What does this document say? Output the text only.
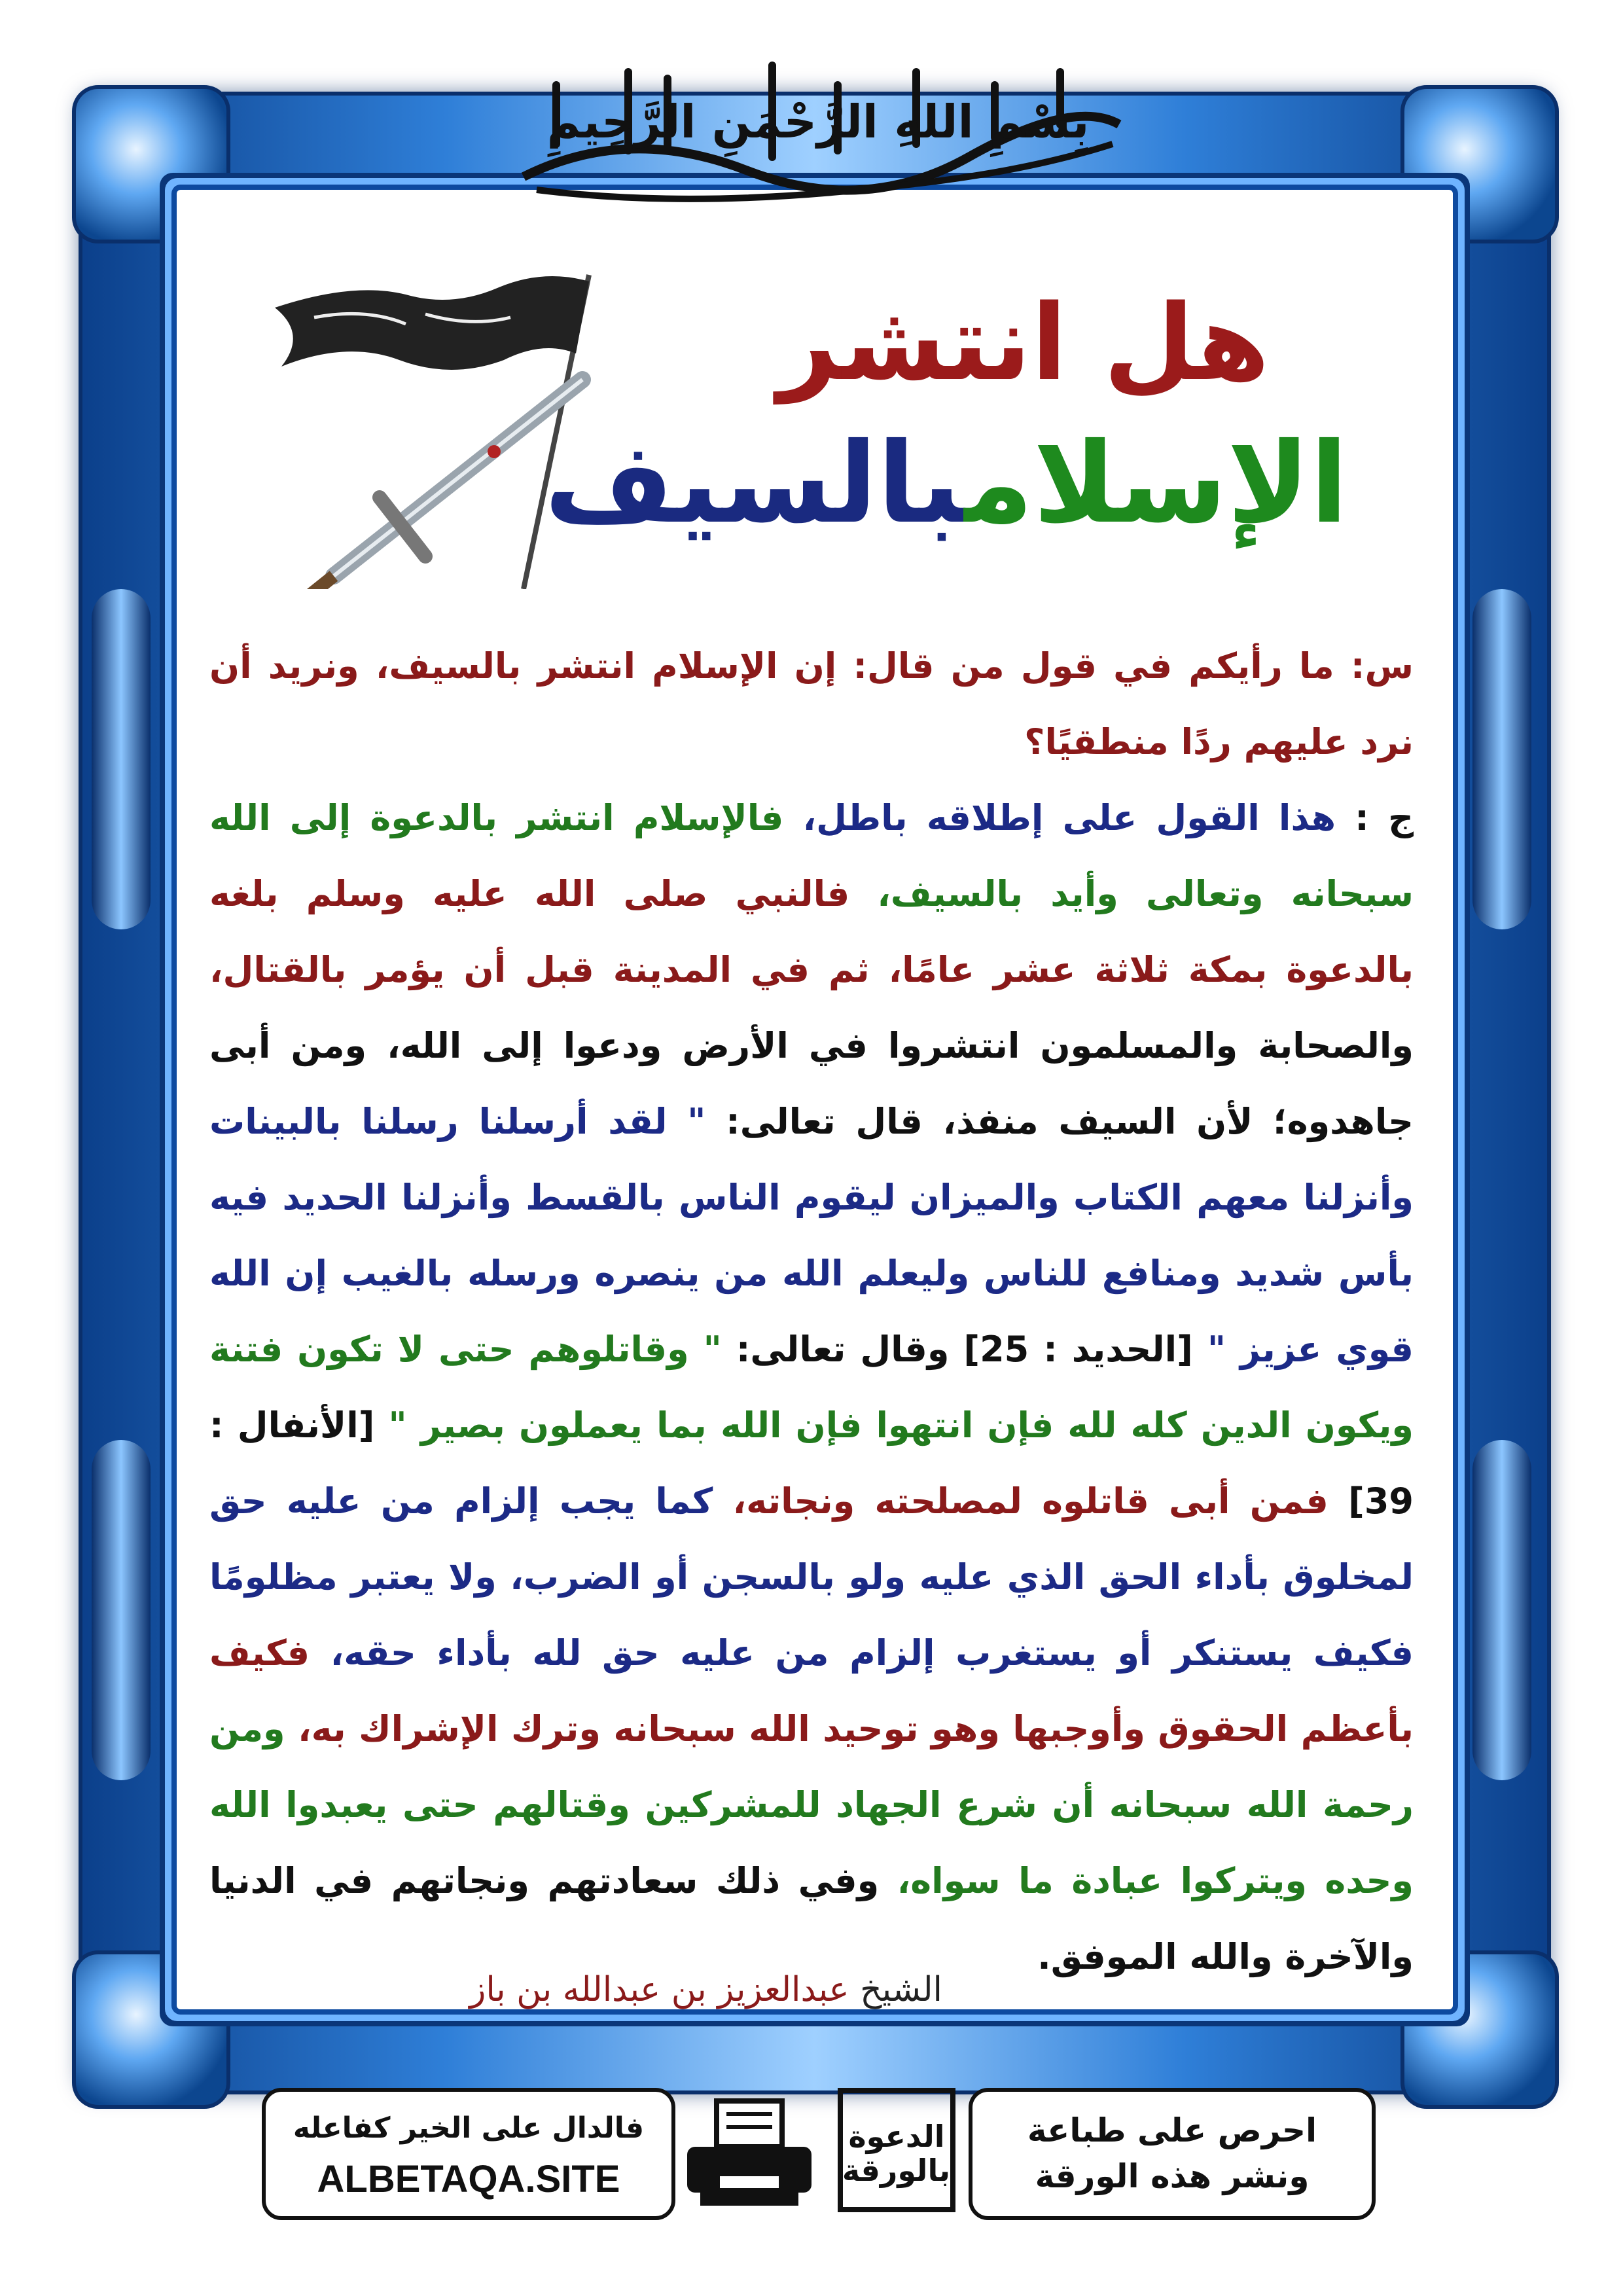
بِسْمِ اللهِ الرَّحْمَنِ الرَّحِيمِ
هل انتشر
الإسلامبالسيف
س: ما رأيكم في قول من قال: إن الإسلام انتشر بالسيف، ونريد أن نرد عليهم ردًا منطقيًا؟
ج : هذا القول على إطلاقه باطل، فالإسلام انتشر بالدعوة إلى الله سبحانه وتعالى وأيد بالسيف، فالنبي صلى الله عليه وسلم بلغه بالدعوة بمكة ثلاثة عشر عامًا، ثم في المدينة قبل أن يؤمر بالقتال، والصحابة والمسلمون انتشروا في الأرض ودعوا إلى الله، ومن أبى جاهدوه؛ لأن السيف منفذ، قال تعالى: " لقد أرسلنا رسلنا بالبينات وأنزلنا معهم الكتاب والميزان ليقوم الناس بالقسط وأنزلنا الحديد فيه بأس شديد ومنافع للناس وليعلم الله من ينصره ورسله بالغيب إن الله قوي عزيز " [الحديد : 25] وقال تعالى: " وقاتلوهم حتى لا تكون فتنة ويكون الدين كله لله فإن انتهوا فإن الله بما يعملون بصير " [الأنفال : 39] فمن أبى قاتلوه لمصلحته ونجاته، كما يجب إلزام من عليه حق لمخلوق بأداء الحق الذي عليه ولو بالسجن أو الضرب، ولا يعتبر مظلومًا فكيف يستنكر أو يستغرب إلزام من عليه حق لله بأداء حقه، فكيف بأعظم الحقوق وأوجبها وهو توحيد الله سبحانه وترك الإشراك به، ومن رحمة الله سبحانه أن شرع الجهاد للمشركين وقتالهم حتى يعبدوا الله وحده ويتركوا عبادة ما سواه، وفي ذلك سعادتهم ونجاتهم في الدنيا والآخرة والله الموفق.
الشيخ عبدالعزيز بن عبدالله بن باز
فالدال على الخير كفاعله
ALBETAQA.SITE
الدعوة بالورقة
احرص على طباعة
ونشر هذه الورقة
